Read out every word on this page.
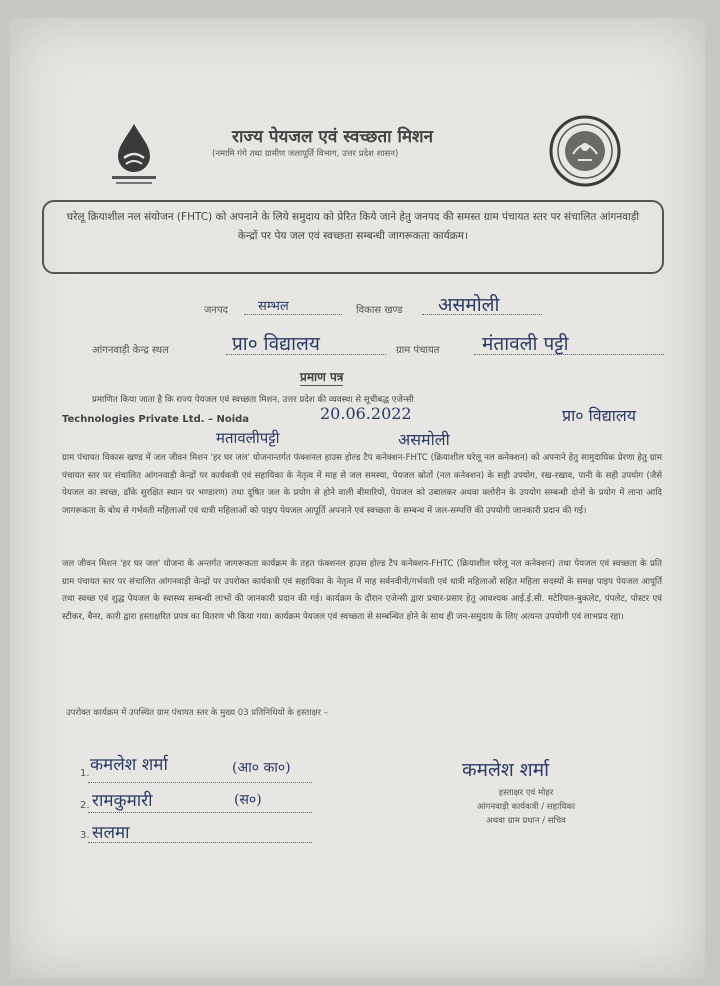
राज्य पेयजल एवं स्वच्छता मिशन
(नमामि गंगे तथा ग्रामीण जलापूर्ति विभाग, उत्तर प्रदेश शासन)
घरेलू क्रियाशील नल संयोजन (FHTC) को अपनाने के लिये समुदाय को प्रेरित किये जाने हेतु जनपद की समस्त ग्राम पंचायत स्तर पर संचालित आंगनवाड़ी केन्द्रों पर पेय जल एवं स्वच्छता सम्बन्धी जागरूकता कार्यक्रम।
जनपद सम्भल	विकास खण्ड असमोली
आंगनवाड़ी केन्द्र स्थल	प्रा० विद्यालय	ग्राम पंचायत मंतावली पट्टी
प्रमाण पत्र
प्रमाणित किया जाता है कि राज्य पेयजल एवं स्वच्छता मिशन, उत्तर प्रदेश की व्यवस्था से सूचीबद्ध एजेन्सी
Technologies Private Ltd. – Noida	20.06.2022	प्रा० विद्यालय
मतावलीपट्टी	असमोली
ग्राम पंचायत विकास खण्ड में जल जीवन मिशन 'हर घर जल' योजनान्तर्गत फंक्शनल हाउस होल्ड टैप कनेक्शन-FHTC (क्रियाशील घरेलू नल कनेक्शन) को अपनाने हेतु सामुदायिक प्रेरणा हेतु ग्राम पंचायत स्तर पर संचालित आंगनवाड़ी केन्द्रों पर कार्यकत्री एवं सहायिका के नेतृत्व में माह से जल समस्या, पेयजल स्रोतों (नल कनेक्शन) के सही उपयोग, रख-रखाव, पानी के सही उपयोग (जैसे पेयजल का स्वच्छ, ढाँके सुरक्षित स्थान पर भण्डारण) तथा दूषित जल के प्रयोग से होने वाली बीमारियों, पेयजल को उबालकर अथवा क्लोरीन के उपयोग सम्बन्धी दोनों के प्रयोग में लाना आदि जागरूकता के बोध से गर्भवती महिलाओं एवं धात्री महिलाओं को पाइप पेयजल आपूर्ति अपनाने एवं स्वच्छता के सम्बन्ध में जल-सम्पत्ति की उपयोगी जानकारी प्रदान की गई।
जल जीवन मिशन 'हर घर जल' योजना के अन्तर्गत जागरूकता कार्यक्रम के तहत फंक्शनल हाउस होल्ड टैप कनेक्शन-FHTC (क्रियाशील घरेलू नल कनेक्शन) तथा पेयजल एवं स्वच्छता के प्रति ग्राम पंचायत स्तर पर संचालित आंगनवाड़ी केन्द्रों पर उपरोक्त कार्यकत्री एवं सहायिका के नेतृत्व में माह सर्वनवीनी/गर्भवती एवं धात्री महिलाओं सहित महिला सदस्यों के समक्ष पाइप पेयजल आपूर्ति तथा स्वच्छ एवं शुद्ध पेयजल के स्वास्थ्य सम्बन्धी लाभों की जानकारी प्रदान की गई। कार्यक्रम के दौरान एजेन्सी द्वारा प्रचार-प्रसार हेतु आवश्यक आई.ई.सी. मटेरियल-बुकलेट, पंपलेट, पोस्टर एवं स्टीकर, बैनर, कारी द्वारा हस्ताक्षरित प्रपत्र का वितरण भी किया गया। कार्यक्रम पेयजल एवं स्वच्छता से सम्बन्धित होने के साथ ही जन-समुदाय के लिए अत्यन्त उपयोगी एवं लाभप्रद रहा।
उपरोक्त कार्यक्रम में उपस्थित ग्राम पंचायत स्तर के मुख्य 03 प्रतिनिधियों के हस्ताक्षर –
1. कमलेश शर्मा	(आ० का०)
2. रामकुमारी	(स०)
3. सलमा
कमलेश शर्मा
हस्ताक्षर एवं मोहर
आंगनवाड़ी कार्यकत्री / सहायिका
अथवा ग्राम प्रधान / सचिव
